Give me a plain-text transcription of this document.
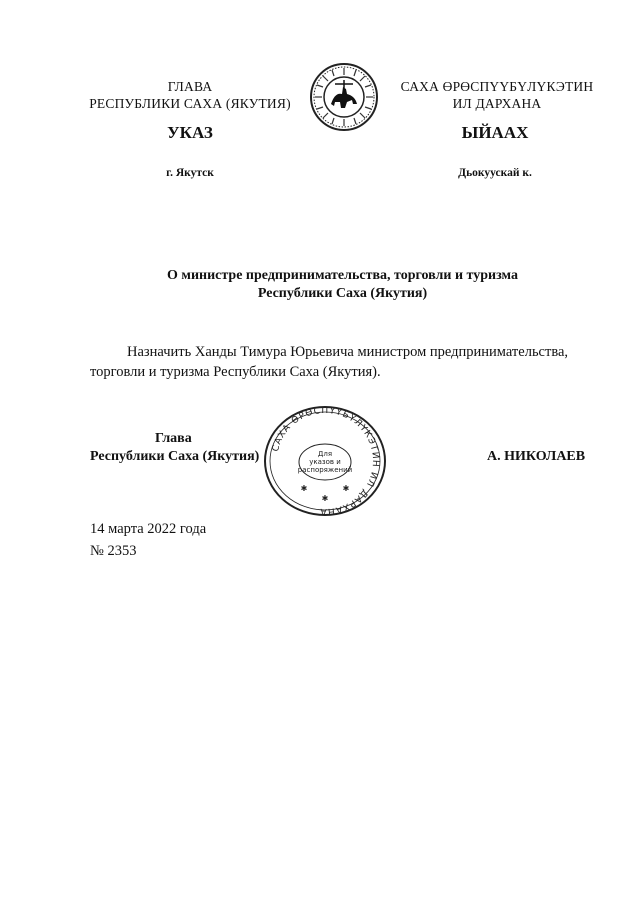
ГЛАВА
РЕСПУБЛИКИ САХА (ЯКУТИЯ)
САХА ӨРӨСПҮҮБҮЛҮКЭТИН
ИЛ ДАРХАНА
УКАЗ	ЫЙААХ
г. Якутск	Дьокуускай к.
О министре предпринимательства, торговли и туризма
Республики Саха (Якутия)
Назначить Ханды Тимура Юрьевича министром предпринимательства,
торговли и туризма Республики Саха (Якутия).
Глава
Республики Саха (Якутия)	А. НИКОЛАЕВ
САХА ӨРӨСПҮҮБҮЛҮКЭТИН ИЛ ДАРХАНА
Для
указов и
распоряжений
✱	✱
✱
14 марта 2022 года
№ 2353
